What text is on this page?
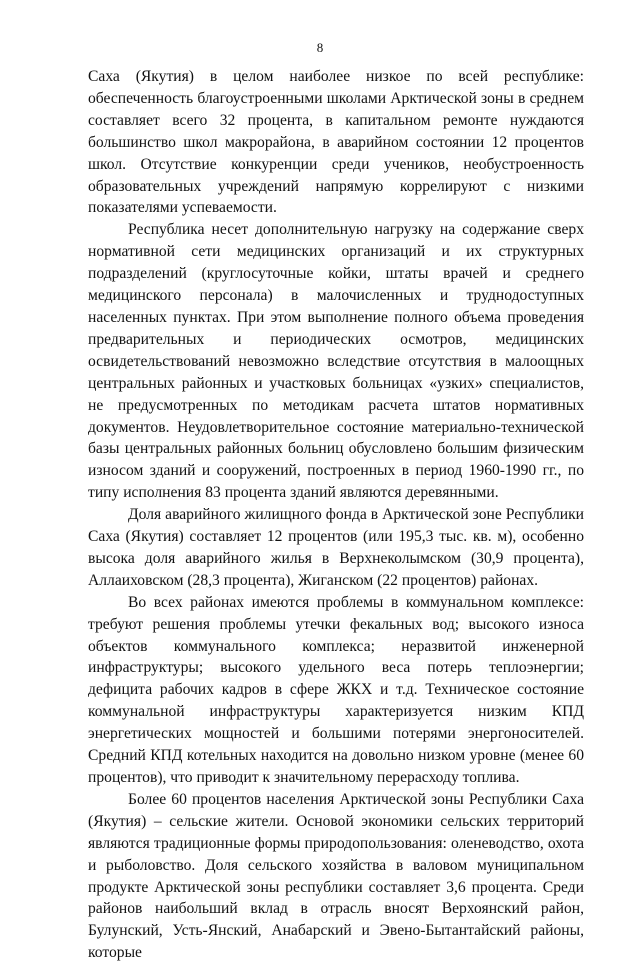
8

Саха (Якутия) в целом наиболее низкое по всей республике: обеспеченность благоустроенными школами Арктической зоны в среднем составляет всего 32 процента, в капитальном ремонте нуждаются большинство школ макрорайона, в аварийном состоянии 12 процентов школ. Отсутствие конкуренции среди учеников, необустроенность образовательных учреждений напрямую коррелируют с низкими показателями успеваемости.

Республика несет дополнительную нагрузку на содержание сверх нормативной сети медицинских организаций и их структурных подразделений (круглосуточные койки, штаты врачей и среднего медицинского персонала) в малочисленных и труднодоступных населенных пунктах. При этом выполнение полного объема проведения предварительных и периодических осмотров, медицинских освидетельствований невозможно вследствие отсутствия в малоощных центральных районных и участковых больницах «узких» специалистов, не предусмотренных по методикам расчета штатов нормативных документов. Неудовлетворительное состояние материально-технической базы центральных районных больниц обусловлено большим физическим износом зданий и сооружений, построенных в период 1960-1990 гг., по типу исполнения 83 процента зданий являются деревянными.

Доля аварийного жилищного фонда в Арктической зоне Республики Саха (Якутия) составляет 12 процентов (или 195,3 тыс. кв. м), особенно высока доля аварийного жилья в Верхнеколымском (30,9 процента), Аллаиховском (28,3 процента), Жиганском (22 процентов) районах.

Во всех районах имеются проблемы в коммунальном комплексе: требуют решения проблемы утечки фекальных вод; высокого износа объектов коммунального комплекса; неразвитой инженерной инфраструктуры; высокого удельного веса потерь теплоэнергии; дефицита рабочих кадров в сфере ЖКХ и т.д. Техническое состояние коммунальной инфраструктуры характеризуется низким КПД энергетических мощностей и большими потерями энергоносителей. Средний КПД котельных находится на довольно низком уровне (менее 60 процентов), что приводит к значительному перерасходу топлива.

Более 60 процентов населения Арктической зоны Республики Саха (Якутия) – сельские жители. Основой экономики сельских территорий являются традиционные формы природопользования: оленеводство, охота и рыболовство. Доля сельского хозяйства в валовом муниципальном продукте Арктической зоны республики составляет 3,6 процента. Среди районов наибольший вклад в отрасль вносят Верхоянский район, Булунский, Усть-Янский, Анабарский и Эвено-Бытантайский районы, которые
